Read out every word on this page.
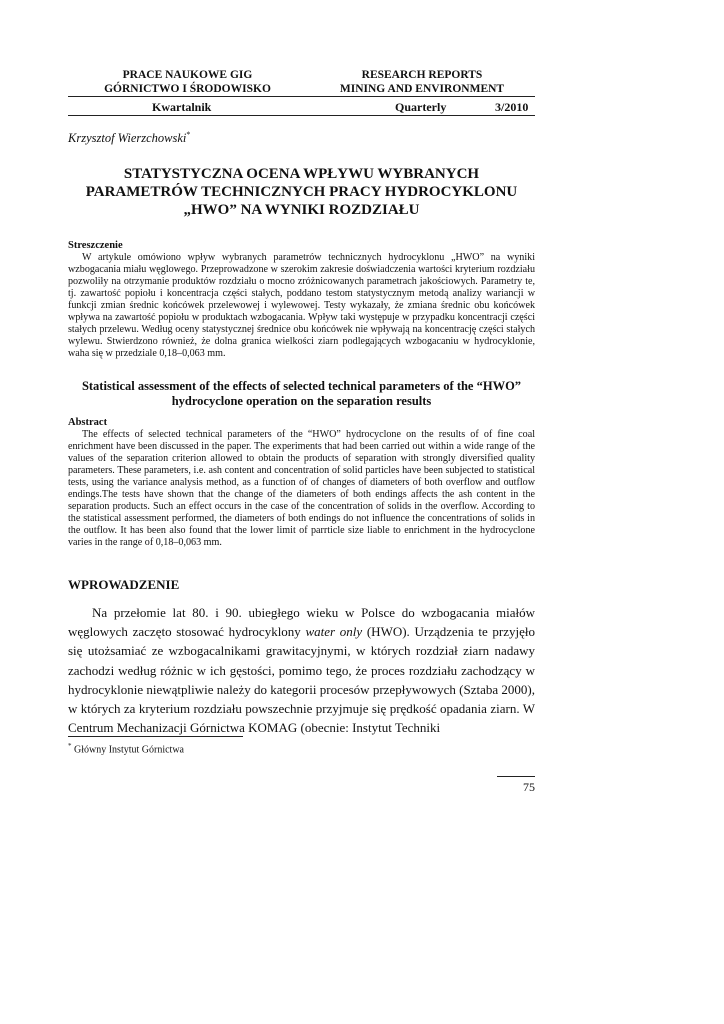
PRACE NAUKOWE GIG
GÓRNICTWO I ŚRODOWISKO
RESEARCH REPORTS
MINING AND ENVIRONMENT
Kwartalnik	Quarterly	3/2010
Krzysztof Wierzchowski*
STATYSTYCZNA OCENA WPŁYWU WYBRANYCH PARAMETRÓW TECHNICZNYCH PRACY HYDROCYKLONU „HWO” NA WYNIKI ROZDZIAŁU
Streszczenie
W artykule omówiono wpływ wybranych parametrów technicznych hydrocyklonu „HWO” na wyniki wzbogacania miału węglowego. Przeprowadzone w szerokim zakresie doświadczenia wartości kryterium rozdziału pozwoliły na otrzymanie produktów rozdziału o mocno zróżnicowanych parametrach jakościowych. Parametry te, tj. zawartość popiołu i koncentracja części stałych, poddano testom statystycznym metodą analizy wariancji w funkcji zmian średnic końcówek przelewowej i wylewowej. Testy wykazały, że zmiana średnic obu końcówek wpływa na zawartość popiołu w produktach wzbogacania. Wpływ taki występuje w przypadku koncentracji części stałych przelewu. Według oceny statystycznej średnice obu końcówek nie wpływają na koncentrację części stałych wylewu. Stwierdzono również, że dolna granica wielkości ziarn podlegających wzbogacaniu w hydrocyklonie, waha się w przedziale 0,18–0,063 mm.
Statistical assessment of the effects of selected technical parameters of the “HWO” hydrocyclone operation on the separation results
Abstract
The effects of selected technical parameters of the “HWO” hydrocyclone on the results of of fine coal enrichment have been discussed in the paper. The experiments that had been carried out within a wide range of the values of the separation criterion allowed to obtain the products of separation with strongly diversified quality parameters. These parameters, i.e. ash content and concentration of solid particles have been subjected to statistical tests, using the variance analysis method, as a function of of changes of diameters of both overflow and outflow endings.The tests have shown that the change of the diameters of both endings affects the ash content in the separation products. Such an effect occurs in the case of the concentration of solids in the overflow. According to the statistical assessment performed, the diameters of both endings do not influence the concentrations of solids in the outflow. It has been also found that the lower limit of parrticle size liable to enrichment in the hydrocyclone varies in the range of 0,18–0,063 mm.
WPROWADZENIE
Na przełomie lat 80. i 90. ubiegłego wieku w Polsce do wzbogacania miałów węglowych zaczęto stosować hydrocyklony water only (HWO). Urządzenia te przyjęło się utożsamiać ze wzbogacalnikami grawitacyjnymi, w których rozdział ziarn nadawy zachodzi według różnic w ich gęstości, pomimo tego, że proces rozdziału zachodzący w hydrocyklonie niewątpliwie należy do kategorii procesów przepływowych (Sztaba 2000), w których za kryterium rozdziału powszechnie przyjmuje się prędkość opadania ziarn. W Centrum Mechanizacji Górnictwa KOMAG (obecnie: Instytut Techniki
* Główny Instytut Górnictwa
75
